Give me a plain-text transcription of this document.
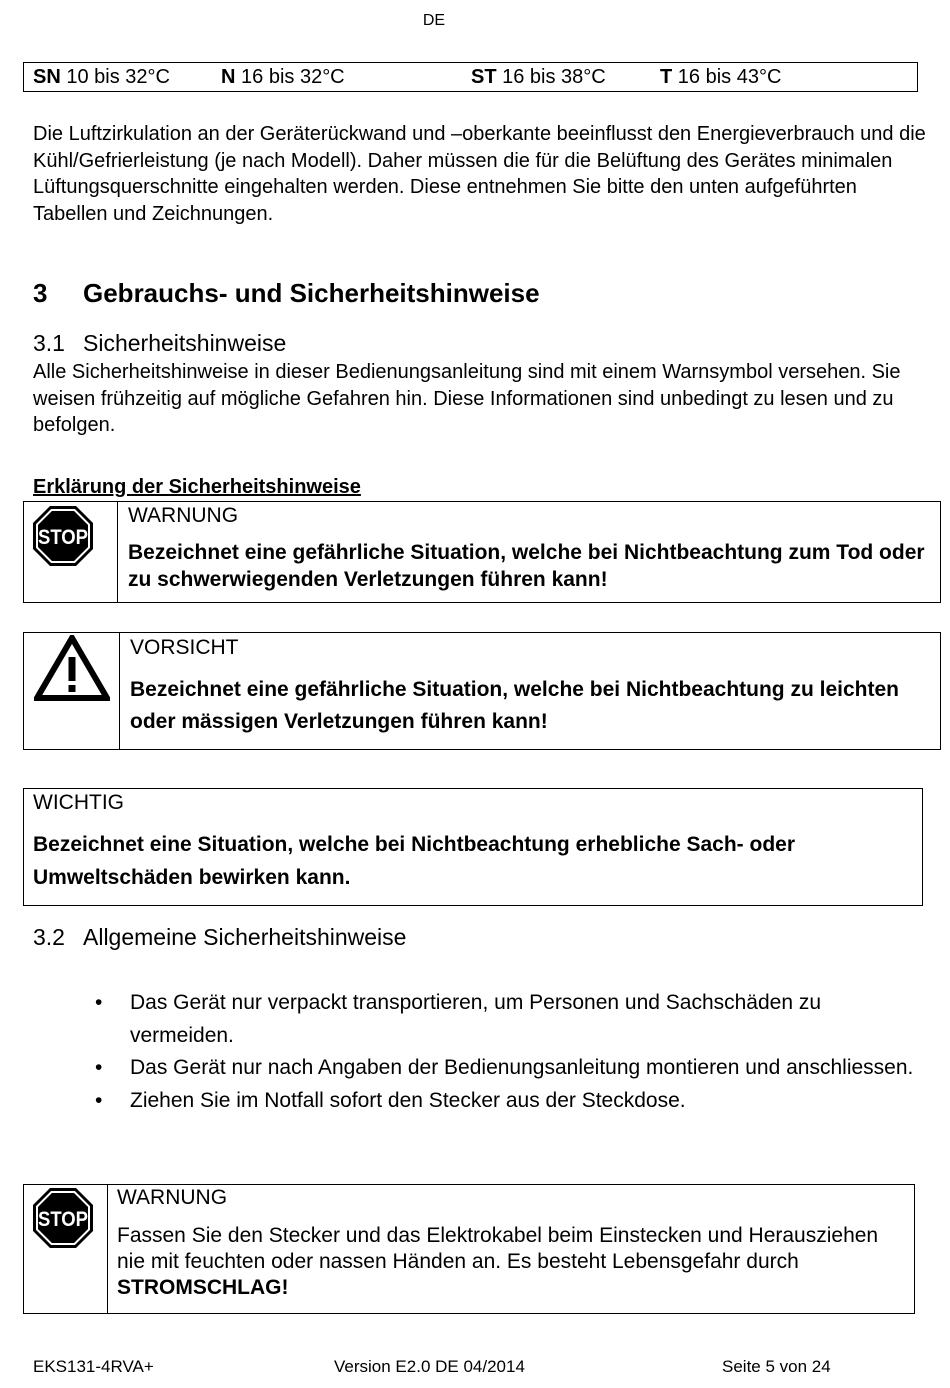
DE
SN 10 bis 32°C	N 16 bis 32°C	ST 16 bis 38°C	T 16 bis 43°C
Die Luftzirkulation an der Geräterückwand und –oberkante beeinflusst den Energieverbrauch und die Kühl/Gefrierleistung (je nach Modell). Daher müssen die für die Belüftung des Gerätes minimalen Lüftungsquerschnitte eingehalten werden. Diese entnehmen Sie bitte den unten aufgeführten Tabellen und Zeichnungen.
3 Gebrauchs- und Sicherheitshinweise
3.1 Sicherheitshinweise
Alle Sicherheitshinweise in dieser Bedienungsanleitung sind mit einem Warnsymbol versehen. Sie weisen frühzeitig auf mögliche Gefahren hin. Diese Informationen sind unbedingt zu lesen und zu befolgen.
Erklärung der Sicherheitshinweise
STOP
WARNUNG
Bezeichnet eine gefährliche Situation, welche bei Nichtbeachtung zum Tod oder zu schwerwiegenden Verletzungen führen kann!
VORSICHT
Bezeichnet eine gefährliche Situation, welche bei Nichtbeachtung zu leichten oder mässigen Verletzungen führen kann!
WICHTIG
Bezeichnet eine Situation, welche bei Nichtbeachtung erhebliche Sach- oder Umweltschäden bewirken kann.
3.2 Allgemeine Sicherheitshinweise
• Das Gerät nur verpackt transportieren, um Personen und Sachschäden zu vermeiden.
• Das Gerät nur nach Angaben der Bedienungsanleitung montieren und anschliessen.
• Ziehen Sie im Notfall sofort den Stecker aus der Steckdose.
STOP
WARNUNG
Fassen Sie den Stecker und das Elektrokabel beim Einstecken und Herausziehen nie mit feuchten oder nassen Händen an. Es besteht Lebensgefahr durch STROMSCHLAG!
EKS131-4RVA+	Version E2.0 DE 04/2014	Seite 5 von 24
